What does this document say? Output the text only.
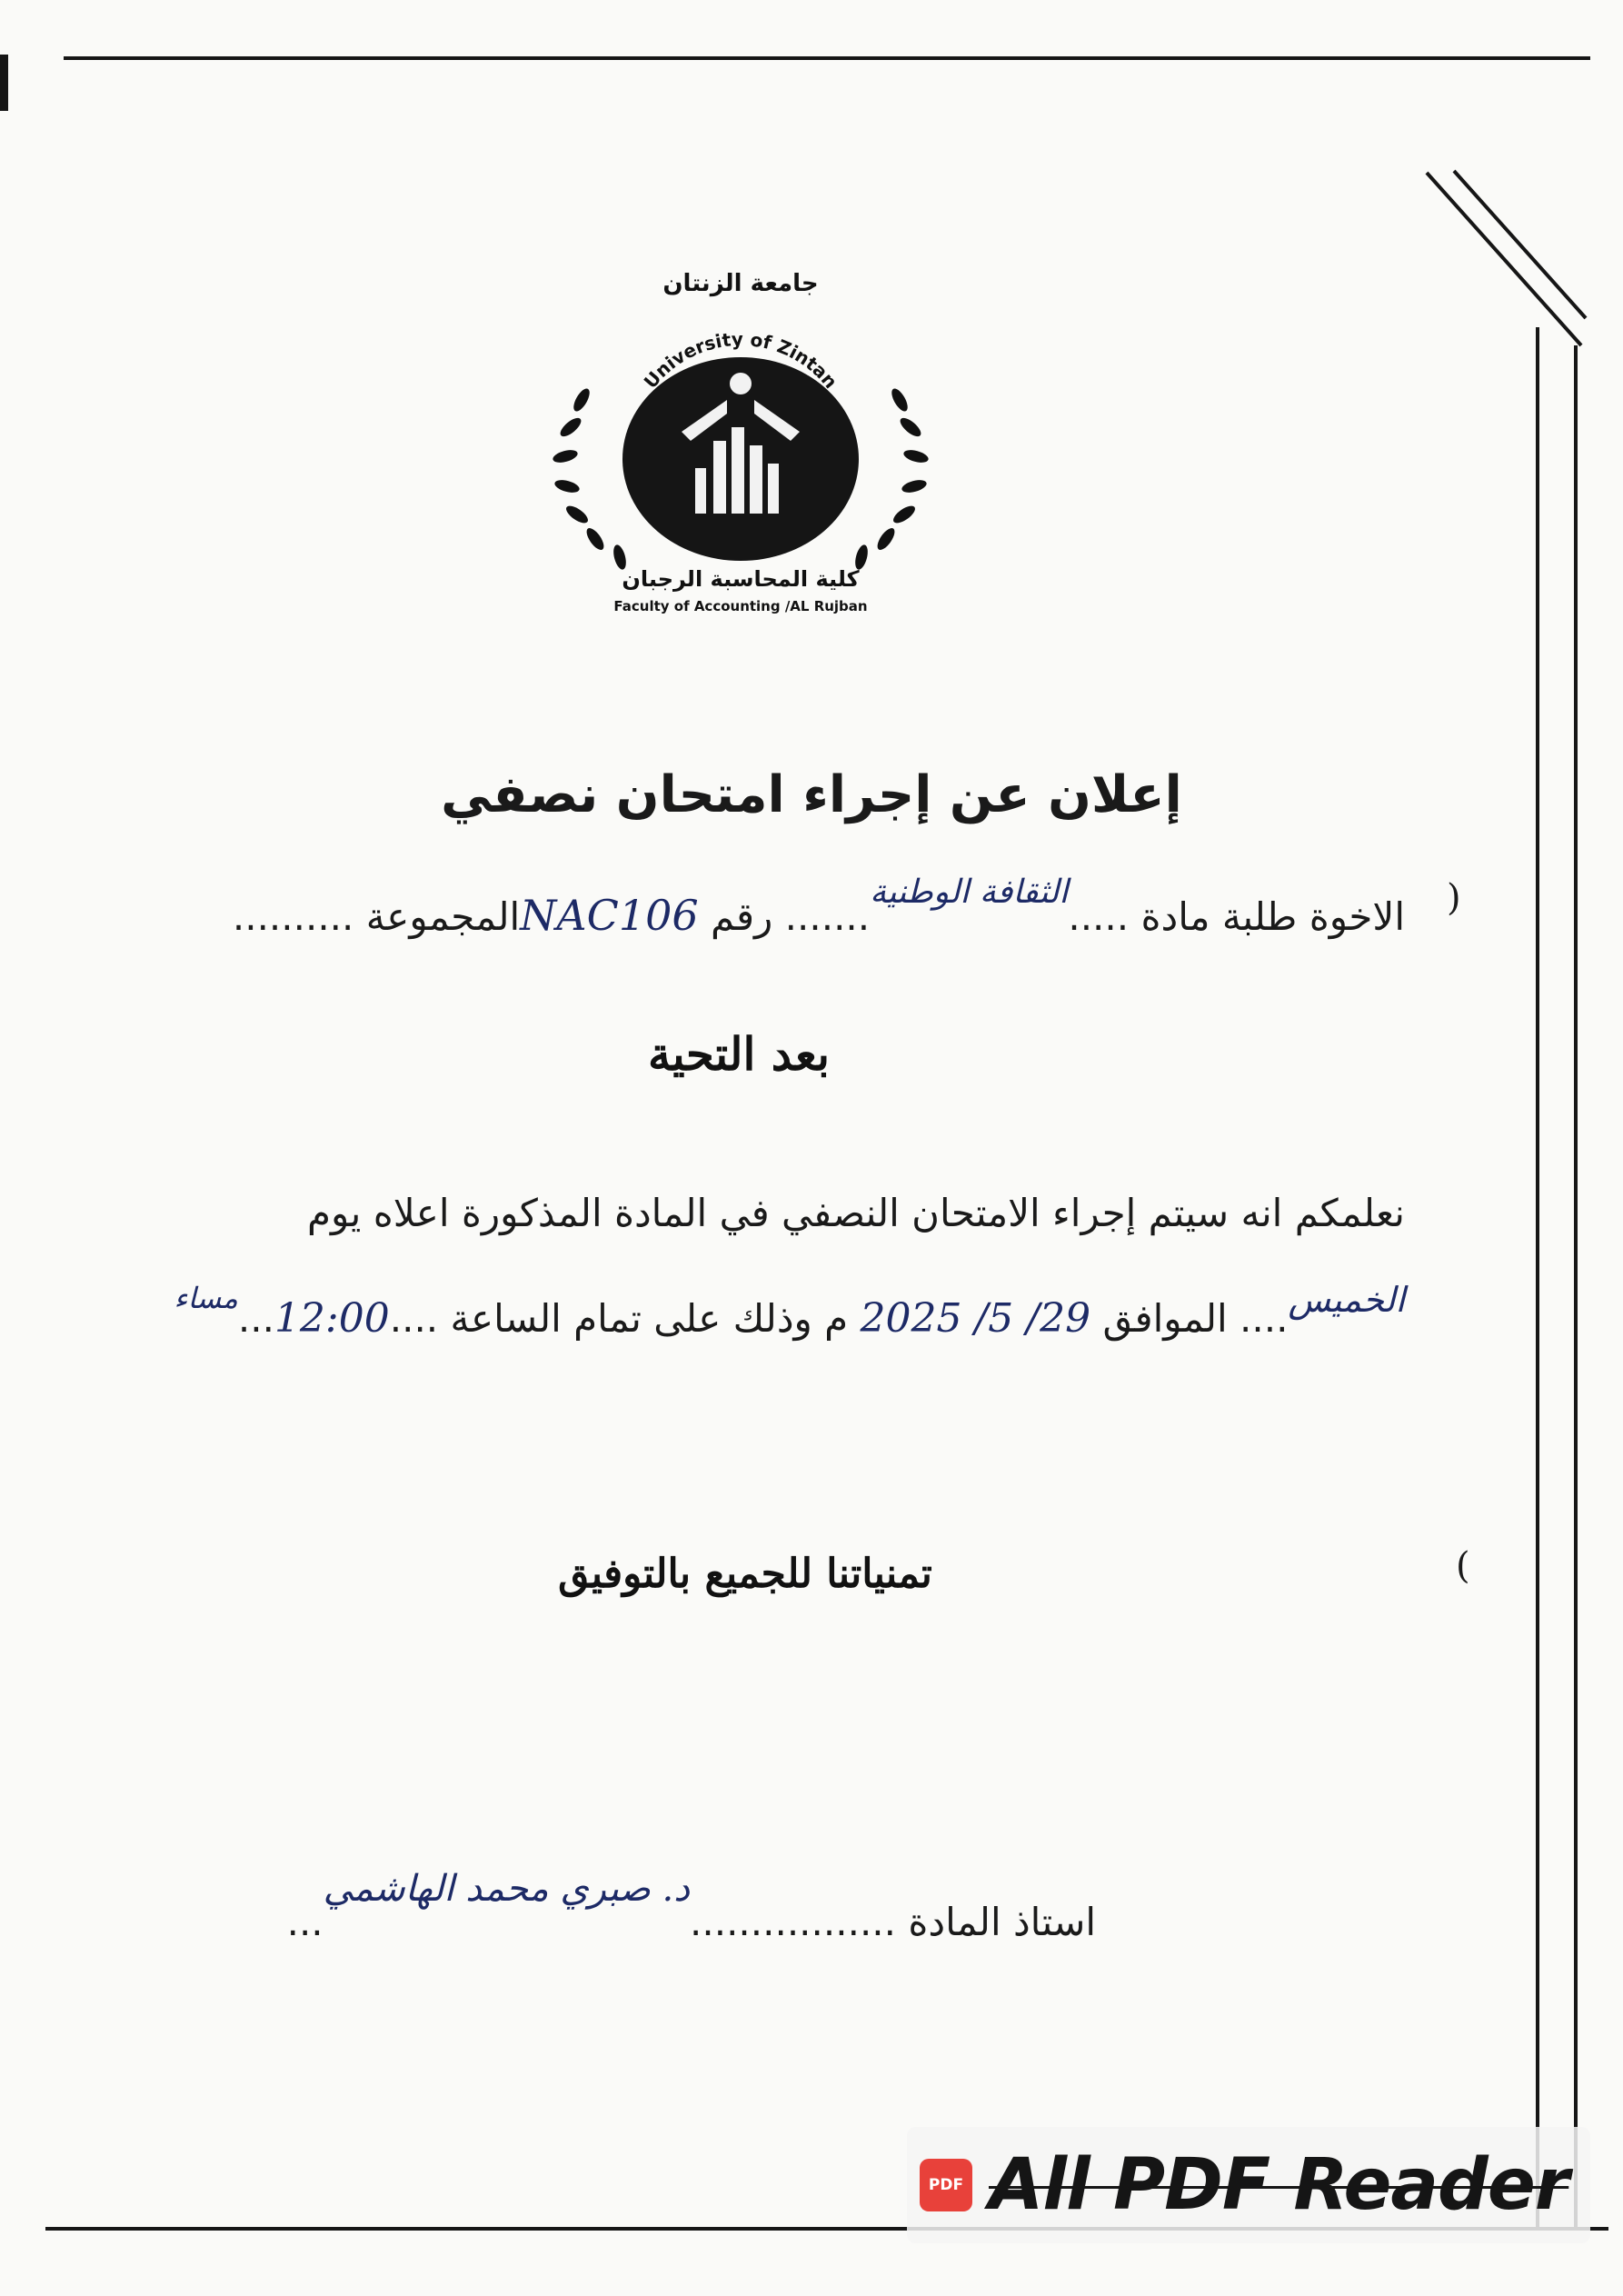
جامعة الزنتان
University of Zintan
كلية المحاسبة الرجبان
Faculty of Accounting /AL Rujban
إعلان عن إجراء امتحان نصفي
)
الاخوة طلبة مادة .....الثقافة الوطنية....... رقم NAC106المجموعة ..........
بعد التحية
نعلمكم انه سيتم إجراء الامتحان النصفي في المادة المذكورة اعلاه يوم
الخميس.... الموافق 2025 /5 /29 م وذلك على تمام الساعة ....12:00...$^{مساء}$
(
تمنياتنا للجميع بالتوفيق
استاذ المادة .................د. صبري محمد الهاشمي...
PDF All PDF Reader
